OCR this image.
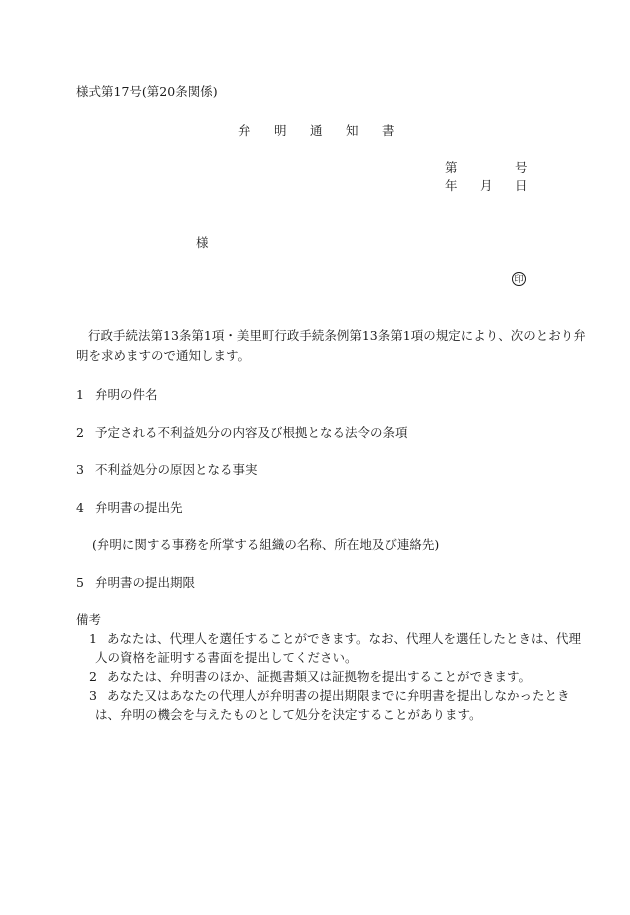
様式第17号(第20条関係)
弁 明 通 知 書
第	号
年 月 日
様
印
行政手続法第13条第1項・美里町行政手続条例第13条第1項の規定により、次のとおり弁
明を求めますので通知します。
1 弁明の件名
2 予定される不利益処分の内容及び根拠となる法令の条項
3 不利益処分の原因となる事実
4 弁明書の提出先
(弁明に関する事務を所掌する組織の名称、所在地及び連絡先)
5 弁明書の提出期限
備考
1 あなたは、代理人を選任することができます。なお、代理人を選任したときは、代理
人の資格を証明する書面を提出してください。
2 あなたは、弁明書のほか、証拠書類又は証拠物を提出することができます。
3 あなた又はあなたの代理人が弁明書の提出期限までに弁明書を提出しなかったとき
は、弁明の機会を与えたものとして処分を決定することがあります。
